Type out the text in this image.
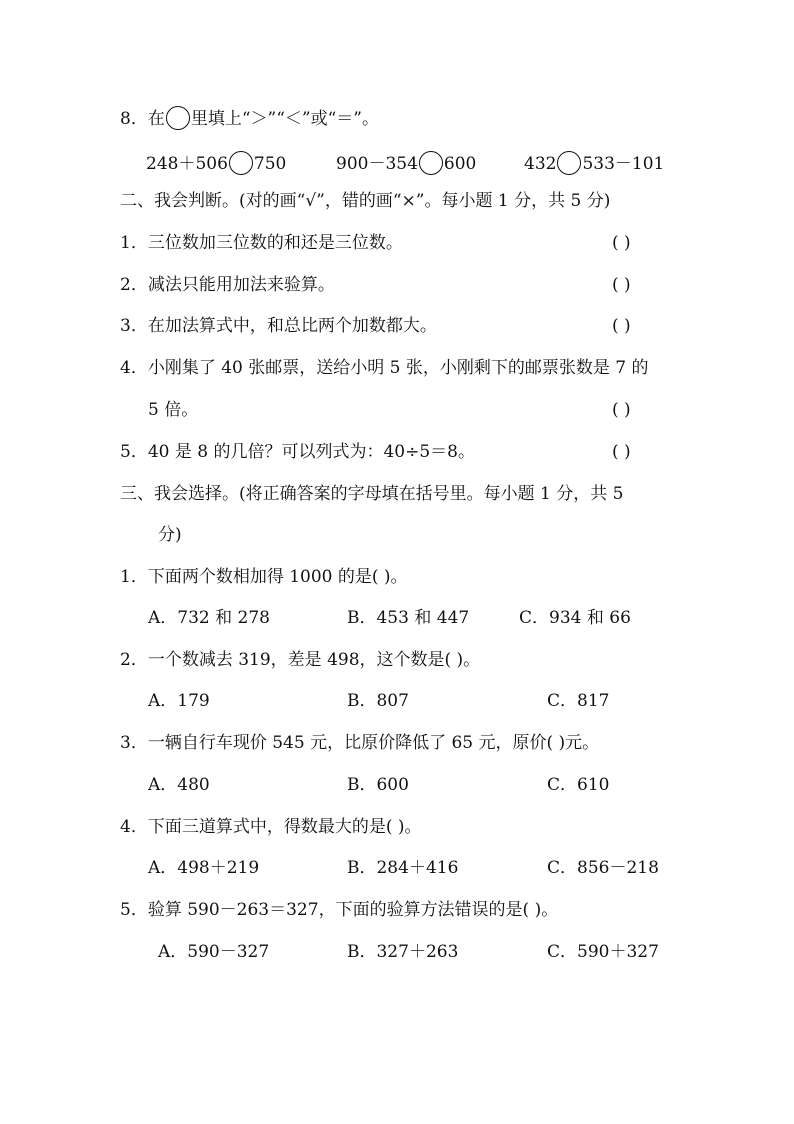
8．在 里填上“＞”“＜”或“＝”。
248＋506 750	900－354 600	432 533－101
二、我会判断。(对的画“√”，错的画“×”。每小题 1 分，共 5 分)
1．三位数加三位数的和还是三位数。	( )
2．减法只能用加法来验算。	( )
3．在加法算式中，和总比两个加数都大。	( )
4．小刚集了 40 张邮票，送给小明 5 张，小刚剩下的邮票张数是 7 的
5 倍。	( )
5．40 是 8 的几倍？可以列式为：40÷5＝8。	( )
三、我会选择。(将正确答案的字母填在括号里。每小题 1 分，共 5
分)
1．下面两个数相加得 1000 的是( )。
A．732 和 278	B．453 和 447	C．934 和 66
2．一个数减去 319，差是 498，这个数是( )。
A．179	B．807	C．817
3．一辆自行车现价 545 元，比原价降低了 65 元，原价( )元。
A．480	B．600	C．610
4．下面三道算式中，得数最大的是( )。
A．498＋219	B．284＋416	C．856－218
5．验算 590－263＝327，下面的验算方法错误的是( )。
A．590－327	B．327＋263	C．590＋327
